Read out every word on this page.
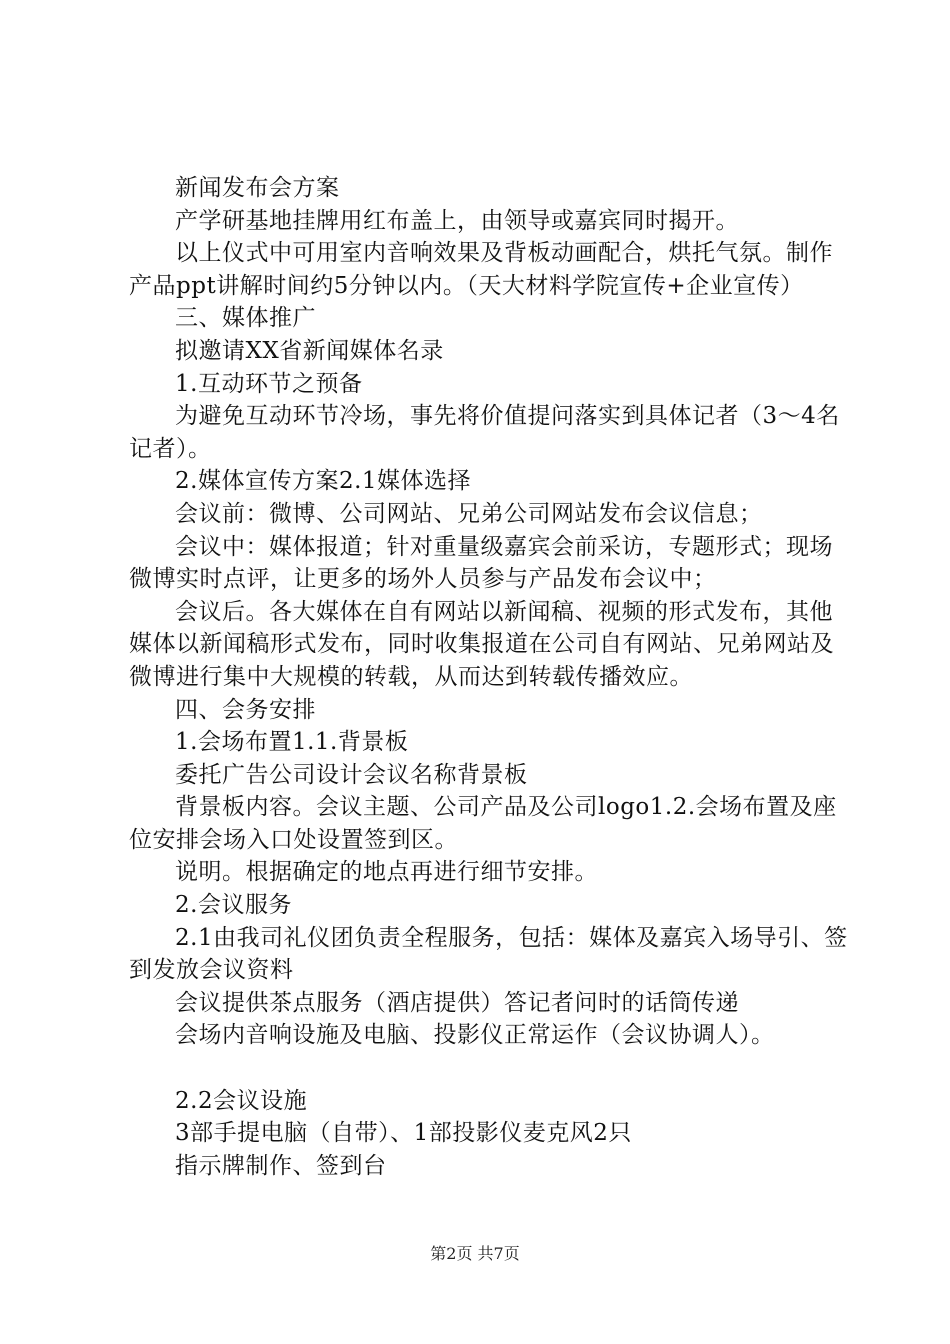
新闻发布会方案

产学研基地挂牌用红布盖上，由领导或嘉宾同时揭开。

以上仪式中可用室内音响效果及背板动画配合，烘托气氛。制作产品ppt讲解时间约5分钟以内。（天大材料学院宣传+企业宣传）

三、媒体推广

拟邀请XX省新闻媒体名录

1.互动环节之预备

为避免互动环节冷场，事先将价值提问落实到具体记者（3～4名记者）。

2.媒体宣传方案2.1媒体选择

会议前：微博、公司网站、兄弟公司网站发布会议信息；

会议中：媒体报道；针对重量级嘉宾会前采访，专题形式；现场微博实时点评，让更多的场外人员参与产品发布会议中；

会议后。各大媒体在自有网站以新闻稿、视频的形式发布，其他媒体以新闻稿形式发布，同时收集报道在公司自有网站、兄弟网站及微博进行集中大规模的转载，从而达到转载传播效应。

四、会务安排

1.会场布置1.1.背景板

委托广告公司设计会议名称背景板

背景板内容。会议主题、公司产品及公司logo1.2.会场布置及座位安排会场入口处设置签到区。

说明。根据确定的地点再进行细节安排。

2.会议服务

2.1由我司礼仪团负责全程服务，包括：媒体及嘉宾入场导引、签到发放会议资料

会议提供茶点服务（酒店提供）答记者问时的话筒传递

会场内音响设施及电脑、投影仪正常运作（会议协调人）。

2.2会议设施

3部手提电脑（自带）、1部投影仪麦克风2只

指示牌制作、签到台

第2页 共7页
